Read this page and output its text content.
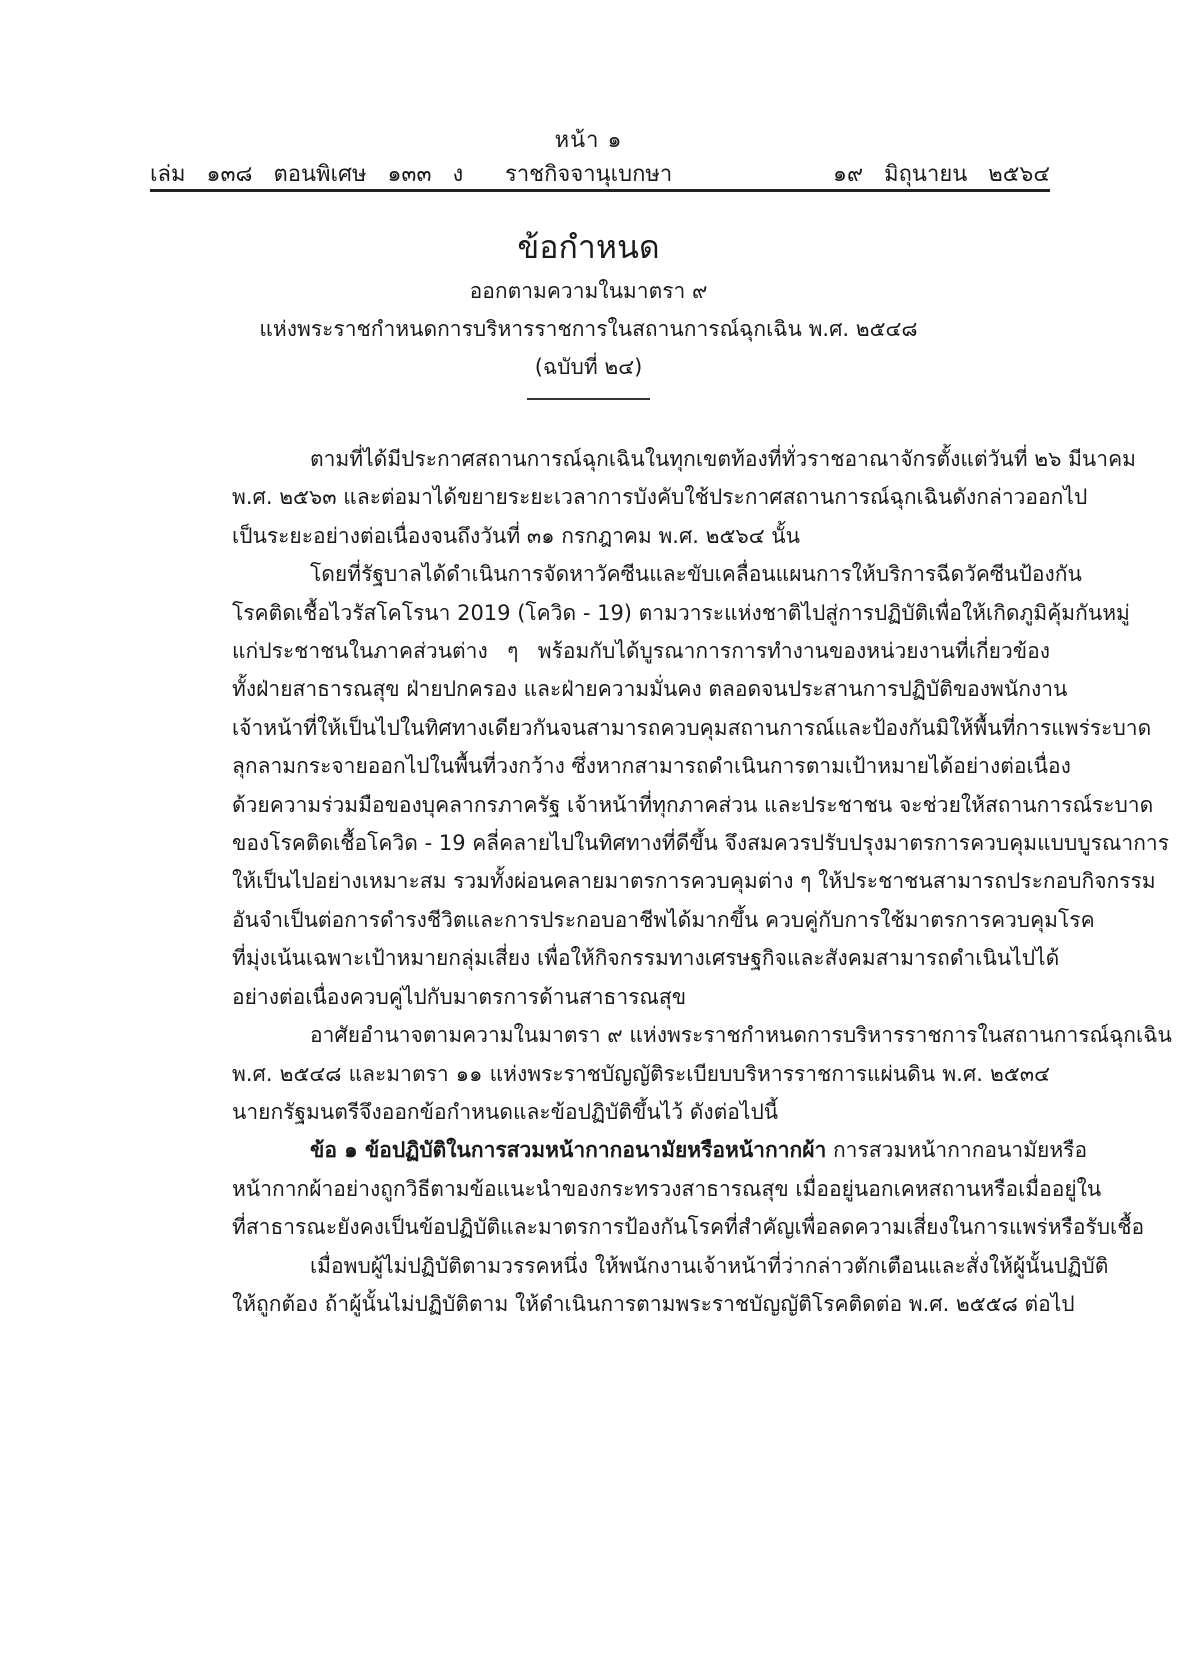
หน้า ๑
เล่ม   ๑๓๘   ตอนพิเศษ   ๑๓๓   ง ราชกิจจานุเบกษา	๑๙   มิถุนายน   ๒๕๖๔
ข้อกำหนด
ออกตามความในมาตรา ๙
แห่งพระราชกำหนดการบริหารราชการในสถานการณ์ฉุกเฉิน พ.ศ. ๒๕๔๘
(ฉบับที่ ๒๔)
ตามที่ได้มีประกาศสถานการณ์ฉุกเฉินในทุกเขตท้องที่ทั่วราชอาณาจักรตั้งแต่วันที่ ๒๖ มีนาคม
พ.ศ. ๒๕๖๓ และต่อมาได้ขยายระยะเวลาการบังคับใช้ประกาศสถานการณ์ฉุกเฉินดังกล่าวออกไป
เป็นระยะอย่างต่อเนื่องจนถึงวันที่ ๓๑ กรกฎาคม พ.ศ. ๒๕๖๔ นั้น
โดยที่รัฐบาลได้ดำเนินการจัดหาวัคซีนและขับเคลื่อนแผนการให้บริการฉีดวัคซีนป้องกัน
โรคติดเชื้อไวรัสโคโรนา 2019 (โควิด - 19) ตามวาระแห่งชาติไปสู่การปฏิบัติเพื่อให้เกิดภูมิคุ้มกันหมู่
แก่ประชาชนในภาคส่วนต่าง ๆ พร้อมกับได้บูรณาการการทำงานของหน่วยงานที่เกี่ยวข้อง
ทั้งฝ่ายสาธารณสุข ฝ่ายปกครอง และฝ่ายความมั่นคง ตลอดจนประสานการปฏิบัติของพนักงาน
เจ้าหน้าที่ให้เป็นไปในทิศทางเดียวกันจนสามารถควบคุมสถานการณ์และป้องกันมิให้พื้นที่การแพร่ระบาด
ลุกลามกระจายออกไปในพื้นที่วงกว้าง ซึ่งหากสามารถดำเนินการตามเป้าหมายได้อย่างต่อเนื่อง
ด้วยความร่วมมือของบุคลากรภาครัฐ เจ้าหน้าที่ทุกภาคส่วน และประชาชน จะช่วยให้สถานการณ์ระบาด
ของโรคติดเชื้อโควิด - 19 คลี่คลายไปในทิศทางที่ดีขึ้น จึงสมควรปรับปรุงมาตรการควบคุมแบบบูรณาการ
ให้เป็นไปอย่างเหมาะสม รวมทั้งผ่อนคลายมาตรการควบคุมต่าง ๆ ให้ประชาชนสามารถประกอบกิจกรรม
อันจำเป็นต่อการดำรงชีวิตและการประกอบอาชีพได้มากขึ้น ควบคู่กับการใช้มาตรการควบคุมโรค
ที่มุ่งเน้นเฉพาะเป้าหมายกลุ่มเสี่ยง เพื่อให้กิจกรรมทางเศรษฐกิจและสังคมสามารถดำเนินไปได้
อย่างต่อเนื่องควบคู่ไปกับมาตรการด้านสาธารณสุข
อาศัยอำนาจตามความในมาตรา ๙ แห่งพระราชกำหนดการบริหารราชการในสถานการณ์ฉุกเฉิน
พ.ศ. ๒๕๔๘ และมาตรา ๑๑ แห่งพระราชบัญญัติระเบียบบริหารราชการแผ่นดิน พ.ศ. ๒๕๓๔
นายกรัฐมนตรีจึงออกข้อกำหนดและข้อปฏิบัติขึ้นไว้ ดังต่อไปนี้
ข้อ ๑ ข้อปฏิบัติในการสวมหน้ากากอนามัยหรือหน้ากากผ้า การสวมหน้ากากอนามัยหรือ
หน้ากากผ้าอย่างถูกวิธีตามข้อแนะนำของกระทรวงสาธารณสุข เมื่ออยู่นอกเคหสถานหรือเมื่ออยู่ใน
ที่สาธารณะยังคงเป็นข้อปฏิบัติและมาตรการป้องกันโรคที่สำคัญเพื่อลดความเสี่ยงในการแพร่หรือรับเชื้อ
เมื่อพบผู้ไม่ปฏิบัติตามวรรคหนึ่ง ให้พนักงานเจ้าหน้าที่ว่ากล่าวตักเตือนและสั่งให้ผู้นั้นปฏิบัติ
ให้ถูกต้อง ถ้าผู้นั้นไม่ปฏิบัติตาม ให้ดำเนินการตามพระราชบัญญัติโรคติดต่อ พ.ศ. ๒๕๕๘ ต่อไป
